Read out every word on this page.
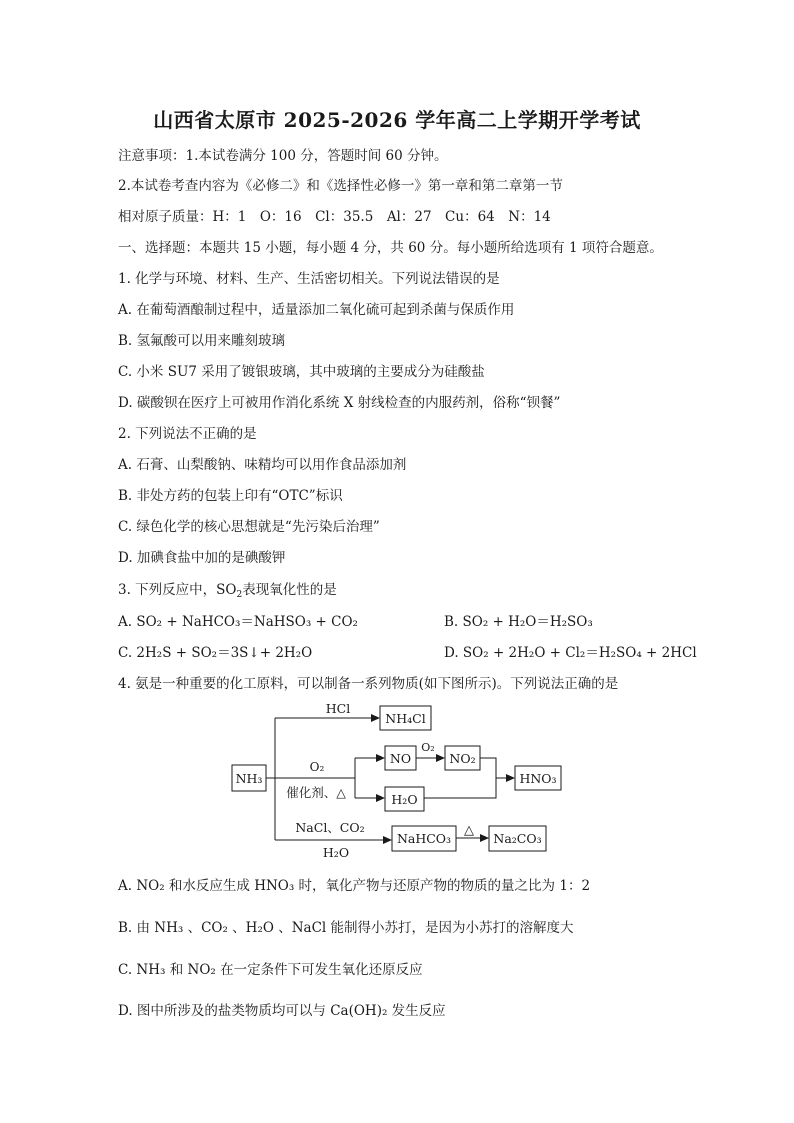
山西省太原市 2025-2026 学年高二上学期开学考试
注意事项：1.本试卷满分 100 分，答题时间 60 分钟。
2.本试卷考查内容为《必修二》和《选择性必修一》第一章和第二章第一节
相对原子质量：H：1　O：16　Cl：35.5　Al：27　Cu：64　N：14
一、选择题：本题共 15 小题，每小题 4 分，共 60 分。每小题所给选项有 1 项符合题意。
1. 化学与环境、材料、生产、生活密切相关。下列说法错误的是
A. 在葡萄酒酿制过程中，适量添加二氧化硫可起到杀菌与保质作用
B. 氢氟酸可以用来雕刻玻璃
C. 小米 SU7 采用了镀银玻璃，其中玻璃的主要成分为硅酸盐
D. 碳酸钡在医疗上可被用作消化系统 X 射线检查的内服药剂，俗称“钡餐”
2. 下列说法不正确的是
A. 石膏、山梨酸钠、味精均可以用作食品添加剂
B. 非处方药的包装上印有“OTC”标识
C. 绿色化学的核心思想就是“先污染后治理”
D. 加碘食盐中加的是碘酸钾
3. 下列反应中，$SO_2$表现氧化性的是
A. SO₂ + NaHCO₃＝NaHSO₃ + CO₂	B. SO₂ + H₂O＝H₂SO₃
C. 2H₂S + SO₂＝3S↓+ 2H₂O	D. SO₂ + 2H₂O + Cl₂＝H₂SO₄ + 2HCl
4. 氨是一种重要的化工原料，可以制备一系列物质(如下图所示)。下列说法正确的是
NH₃
NH₄Cl
NO	NO₂
H₂O
HNO₃
NaHCO₃	Na₂CO₃
HCl
O₂
催化剂、△
O₂
NaCl、CO₂
H₂O
△
A. NO₂ 和水反应生成 HNO₃ 时，氧化产物与还原产物的物质的量之比为 1：2
B. 由 NH₃ 、CO₂ 、H₂O 、NaCl 能制得小苏打，是因为小苏打的溶解度大
C. NH₃ 和 NO₂ 在一定条件下可发生氧化还原反应
D. 图中所涉及的盐类物质均可以与 Ca(OH)₂ 发生反应
